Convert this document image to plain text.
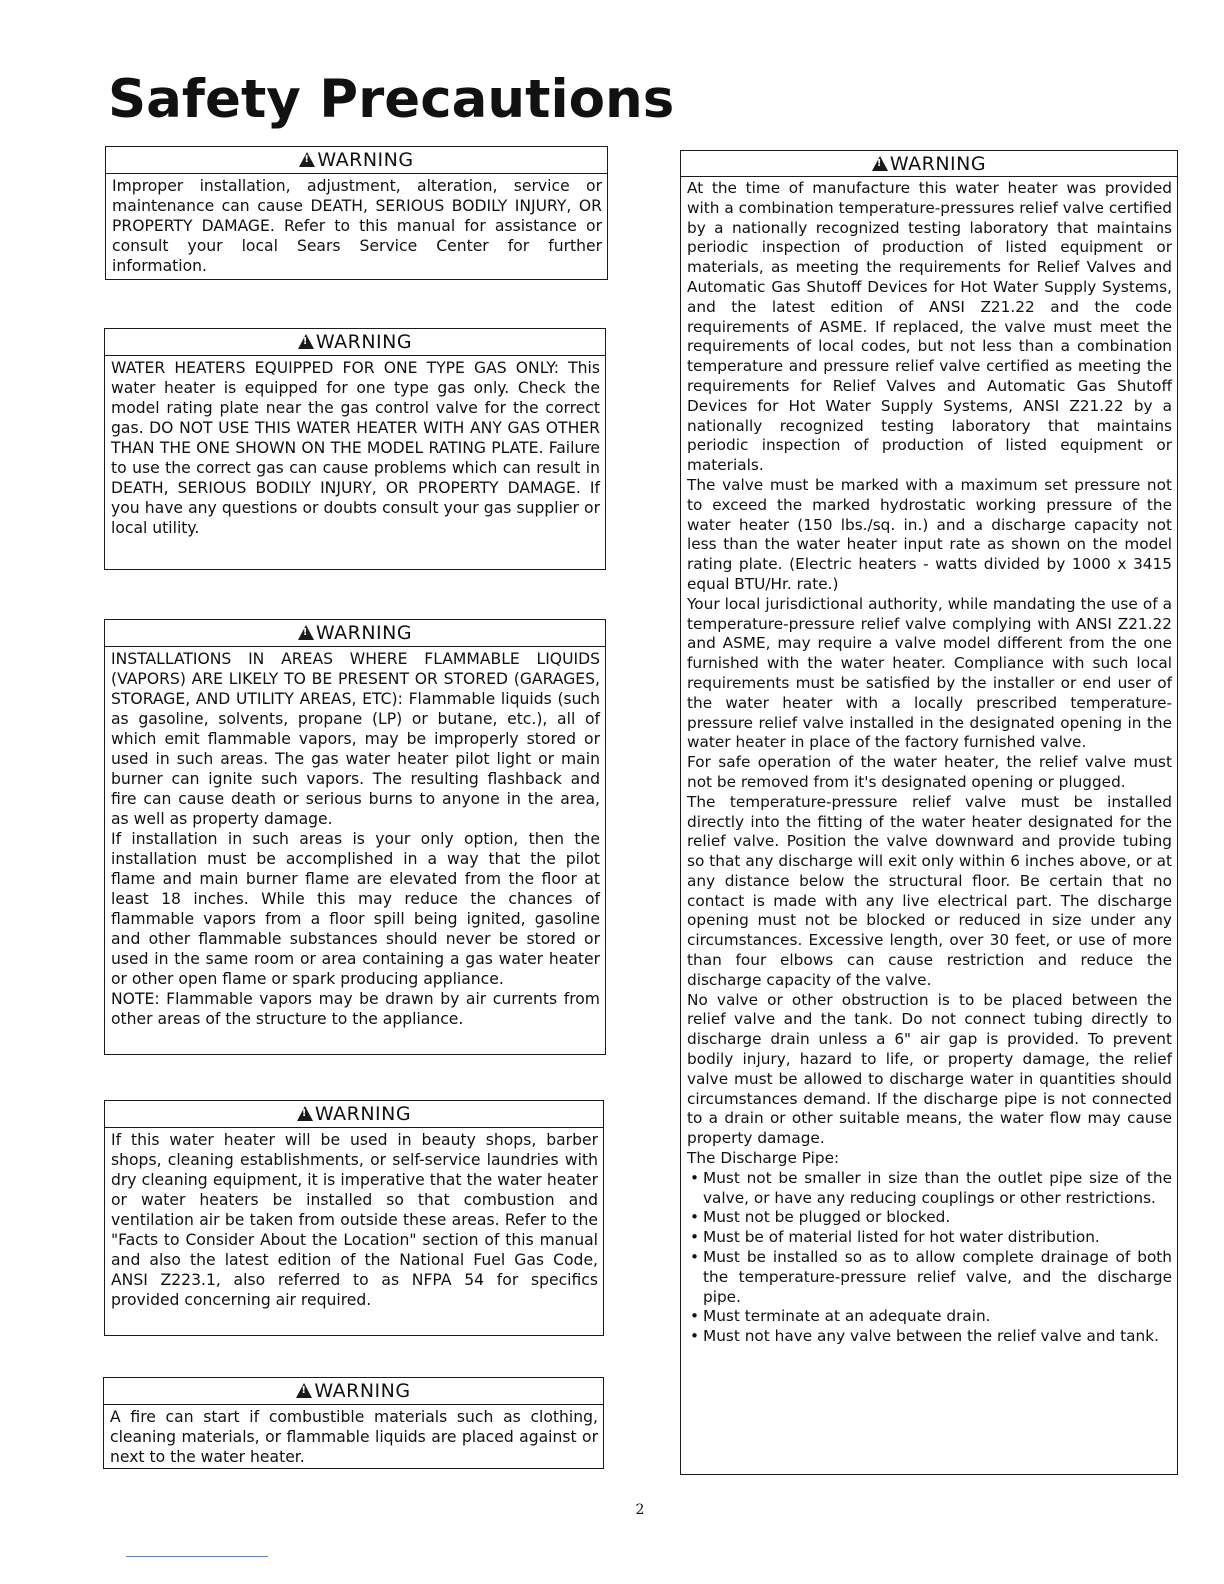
Safety Precautions
!WARNING

Improper installation, adjustment, alteration, service or maintenance can cause DEATH, SERIOUS BODILY INJURY, OR PROPERTY DAMAGE. Refer to this manual for assistance or consult your local Sears Service Center for further information.

!WARNING

WATER HEATERS EQUIPPED FOR ONE TYPE GAS ONLY: This water heater is equipped for one type gas only. Check the model rating plate near the gas control valve for the correct gas. DO NOT USE THIS WATER HEATER WITH ANY GAS OTHER THAN THE ONE SHOWN ON THE MODEL RATING PLATE. Failure to use the correct gas can cause problems which can result in DEATH, SERIOUS BODILY INJURY, OR PROPERTY DAMAGE. If you have any questions or doubts consult your gas supplier or local utility.

!WARNING

INSTALLATIONS IN AREAS WHERE FLAMMABLE LIQUIDS (VAPORS) ARE LIKELY TO BE PRESENT OR STORED (GARAGES, STORAGE, AND UTILITY AREAS, ETC): Flammable liquids (such as gasoline, solvents, propane (LP) or butane, etc.), all of which emit flammable vapors, may be improperly stored or used in such areas. The gas water heater pilot light or main burner can ignite such vapors. The resulting flashback and fire can cause death or serious burns to anyone in the area, as well as property damage.

If installation in such areas is your only option, then the installation must be accomplished in a way that the pilot flame and main burner flame are elevated from the floor at least 18 inches. While this may reduce the chances of flammable vapors from a floor spill being ignited, gasoline and other flammable substances should never be stored or used in the same room or area containing a gas water heater or other open flame or spark producing appliance.

NOTE: Flammable vapors may be drawn by air currents from other areas of the structure to the appliance.

!WARNING

If this water heater will be used in beauty shops, barber shops, cleaning establishments, or self-service laundries with dry cleaning equipment, it is imperative that the water heater or water heaters be installed so that combustion and ventilation air be taken from outside these areas. Refer to the "Facts to Consider About the Location" section of this manual and also the latest edition of the National Fuel Gas Code, ANSI Z223.1, also referred to as NFPA 54 for specifics provided concerning air required.

!WARNING

A fire can start if combustible materials such as clothing, cleaning materials, or flammable liquids are placed against or next to the water heater.

!WARNING

At the time of manufacture this water heater was provided with a combination temperature-pressures relief valve certified by a nationally recognized testing laboratory that maintains periodic inspection of production of listed equipment or materials, as meeting the requirements for Relief Valves and Automatic Gas Shutoff Devices for Hot Water Supply Systems, and the latest edition of ANSI Z21.22 and the code requirements of ASME. If replaced, the valve must meet the requirements of local codes, but not less than a combination temperature and pressure relief valve certified as meeting the requirements for Relief Valves and Automatic Gas Shutoff Devices for Hot Water Supply Systems, ANSI Z21.22 by a nationally recognized testing laboratory that maintains periodic inspection of production of listed equipment or materials.

The valve must be marked with a maximum set pressure not to exceed the marked hydrostatic working pressure of the water heater (150 lbs./sq. in.) and a discharge capacity not less than the water heater input rate as shown on the model rating plate. (Electric heaters - watts divided by 1000 x 3415 equal BTU/Hr. rate.)

Your local jurisdictional authority, while mandating the use of a temperature-pressure relief valve complying with ANSI Z21.22 and ASME, may require a valve model different from the one furnished with the water heater. Compliance with such local requirements must be satisfied by the installer or end user of the water heater with a locally prescribed temperature-pressure relief valve installed in the designated opening in the water heater in place of the factory furnished valve.

For safe operation of the water heater, the relief valve must not be removed from it's designated opening or plugged.

The temperature-pressure relief valve must be installed directly into the fitting of the water heater designated for the relief valve. Position the valve downward and provide tubing so that any discharge will exit only within 6 inches above, or at any distance below the structural floor. Be certain that no contact is made with any live electrical part. The discharge opening must not be blocked or reduced in size under any circumstances. Excessive length, over 30 feet, or use of more than four elbows can cause restriction and reduce the discharge capacity of the valve.

No valve or other obstruction is to be placed between the relief valve and the tank. Do not connect tubing directly to discharge drain unless a 6" air gap is provided. To prevent bodily injury, hazard to life, or property damage, the relief valve must be allowed to discharge water in quantities should circumstances demand. If the discharge pipe is not connected to a drain or other suitable means, the water flow may cause property damage.

The Discharge Pipe:

• Must not be smaller in size than the outlet pipe size of the valve, or have any reducing couplings or other restrictions.
• Must not be plugged or blocked.
• Must be of material listed for hot water distribution.
• Must be installed so as to allow complete drainage of both the temperature-pressure relief valve, and the discharge pipe.
• Must terminate at an adequate drain.
• Must not have any valve between the relief valve and tank.
2
